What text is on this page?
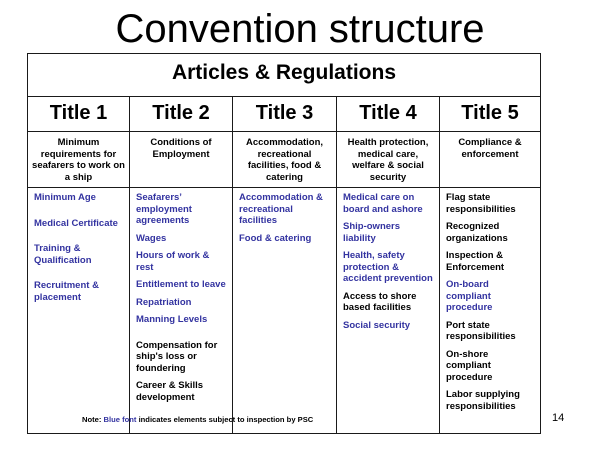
Convention structure
Articles & Regulations
Title 1
Minimum requirements for seafarers to work on a ship
Minimum Age
Medical Certificate
Training & Qualification
Recruitment & placement
Title 2
Conditions of Employment
Seafarers’ employment agreements
Wages
Hours of work & rest
Entitlement to leave
Repatriation
Manning Levels
Compensation for ship's loss or foundering
Career & Skills development
Title 3
Accommodation, recreational facilities, food & catering
Accommodation & recreational facilities
Food & catering
Title 4
Health protection, medical care, welfare & social security
Medical care on board and ashore
Ship-owners liability
Health, safety protection & accident prevention
Access to shore based facilities
Social security
Title 5
Compliance & enforcement
Flag state responsibilities
Recognized organizations
Inspection & Enforcement
On-board compliant procedure
Port state responsibilities
On-shore compliant procedure
Labor supplying responsibilities
Note: Blue font indicates elements subject to inspection by PSC	14
